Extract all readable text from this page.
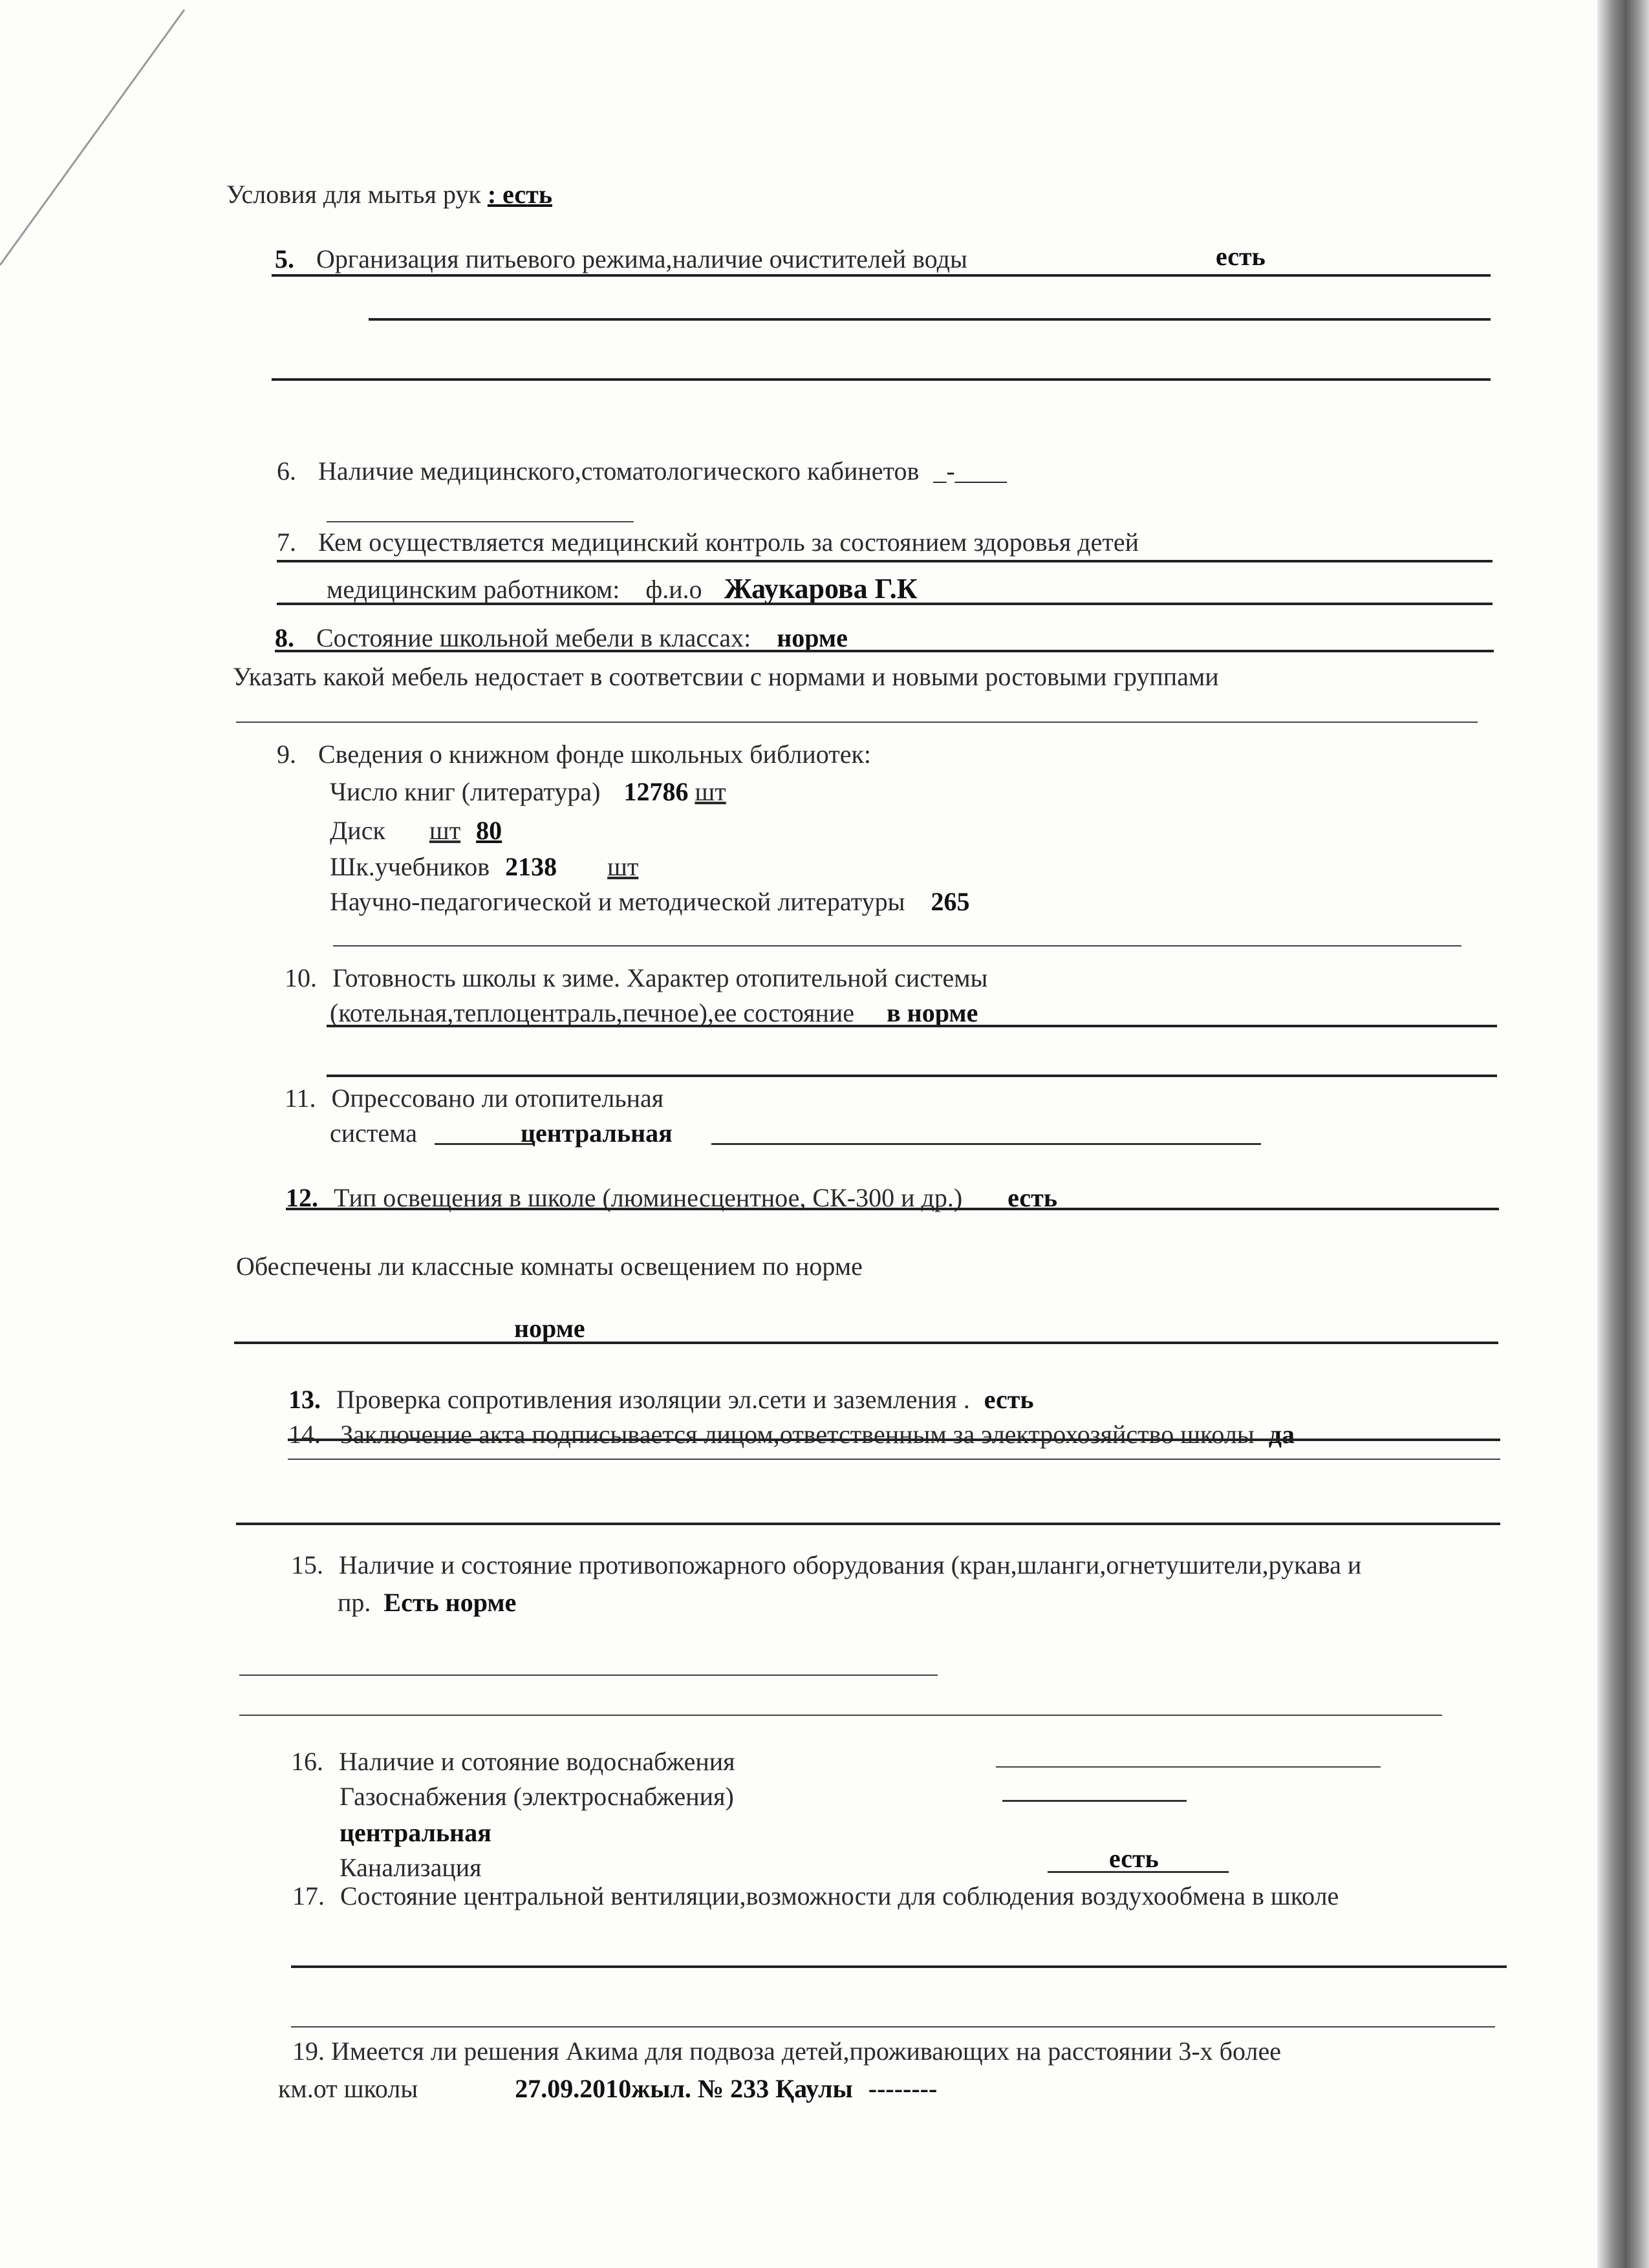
Условия для мытья рук : есть
5. Организация питьевого режима,наличие очистителей воды	есть
6. Наличие медицинского,стоматологического кабинетов _-____
7. Кем осуществляется медицинский контроль за состоянием здоровья детей
медицинским работником: ф.и.о Жаукарова Г.К
8. Состояние школьной мебели в классах: норме
Указать какой мебель недостает в соответсвии с нормами и новыми ростовыми группами
9. Сведения о книжном фонде школьных библиотек:
Число книг (литература) 12786 шт
Диск шт 80
Шк.учебников 2138 шт
Научно-педагогической и методической литературы 265
10. Готовность школы к зиме. Характер отопительной системы
(котельная,теплоцентраль,печное),ее состояние в норме
11. Опрессовано ли отопительная
система	центральная
12. Тип освещения в школе (люминесцентное, СК-300 и др.) есть
Обеспечены ли классные комнаты освещением по норме
норме
13. Проверка сопротивления изоляции эл.сети и заземления . есть
14. Заключение акта подписывается лицом,ответственным за электрохозяйство школы да
15. Наличие и состояние противопожарного оборудования (кран,шланги,огнетушители,рукава и
пр. Есть норме
16. Наличие и сотояние водоснабжения
Газоснабжения (электроснабжения)
центральная
Канализация	есть
17. Состояние центральной вентиляции,возможности для соблюдения воздухообмена в школе
19. Имеется ли решения Акима для подвоза детей,проживающих на расстоянии 3-х более
км.от школы	27.09.2010жыл. № 233 Қаулы --------
